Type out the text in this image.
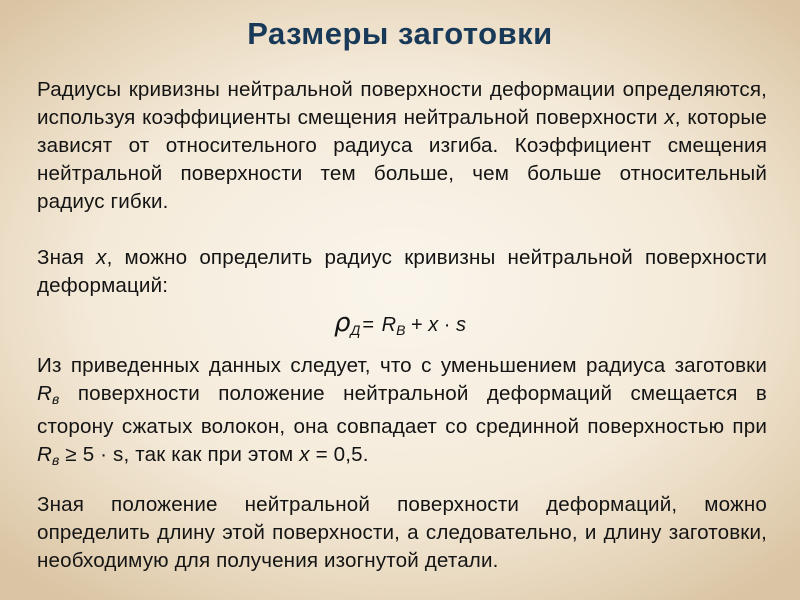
Размеры заготовки
Радиусы кривизны нейтральной поверхности деформации определяются, используя коэффициенты смещения нейтральной поверхности x, которые зависят от относительного радиуса изгиба. Коэффициент смещения нейтральной поверхности тем больше, чем больше относительный радиус гибки.
Зная x, можно определить радиус кривизны нейтральной поверхности деформаций:
$\rho_Д = R_В + x \cdot s$
Из приведенных данных следует, что с уменьшением радиуса заготовки $R_в$ поверхности положение нейтральной деформаций смещается в сторону сжатых волокон, она совпадает со срединной поверхностью при $R_в \ge 5 \cdot s$, так как при этом x = 0,5.
Зная положение нейтральной поверхности деформаций, можно определить длину этой поверхности, а следовательно, и длину заготовки, необходимую для получения изогнутой детали.
